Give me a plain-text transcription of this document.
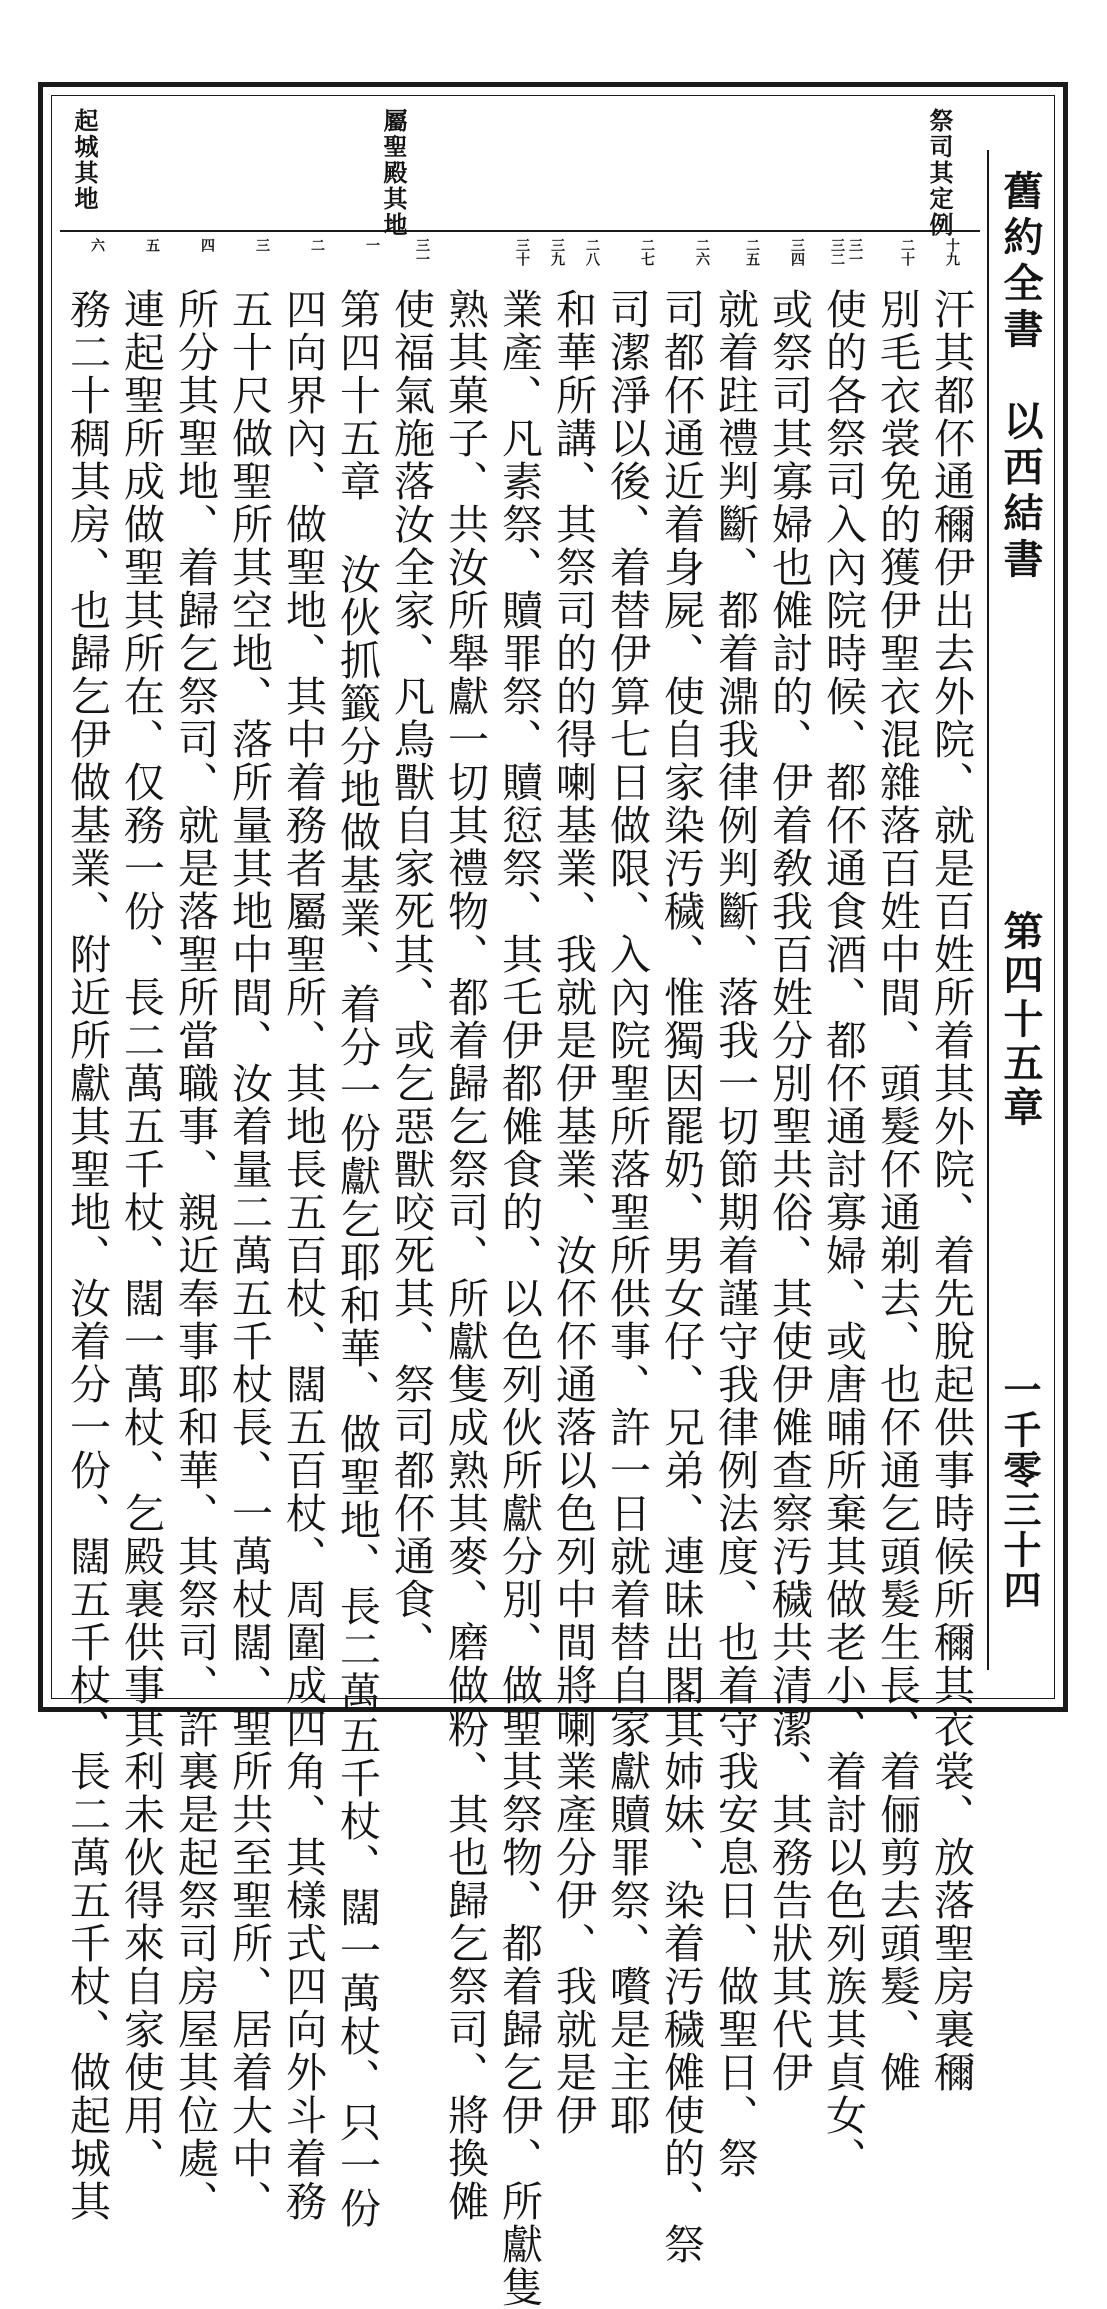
舊約全書　以西結書
第四十五章
一千零三十四
祭司其定例
屬聖殿其地
起城其地
十九
二十
三一
三二
三四
二五
二六
二七
二八
三九
三十
三一
一
二
三
四
五
六
汗其都伓通穪伊出去外院、就是百姓所着其外院、着先脫起供事時候所穪其衣裳、放落聖房裏穪
別毛衣裳免的獲伊聖衣混雜落百姓中間、頭髮伓通剃去、也伓通乞頭髮生長、着俪剪去頭髮、傩
使的各祭司入內院時候、都伓通食酒、都伓通討寡婦、或唐晡所棄其做老小、着討以色列族其貞女、
或祭司其寡婦也傩討的、伊着敎我百姓分別聖共俗、其使伊傩查察汚穢共清潔、其務告狀其代伊
就着跓禮判斷、都着濎我律例判斷、落我一切節期着謹守我律例法度、也着守我安息日、做聖日、祭
司都伓通近着身屍、使自家染汚穢、惟獨因罷奶、男女仔、兄弟、連昧出閣其姉妹、染着汚穢傩使的、祭
司潔淨以後、着替伊算七日做限、入內院聖所落聖所供事、許一日就着替自家獻贖罪祭、嚽是主耶
和華所講、其祭司的的得喇基業、我就是伊基業、汝伓伓通落以色列中間將喇業產分伊、我就是伊
業產、凡素祭、贖罪祭、贖愆祭、其乇伊都傩食的、以色列伙所獻分別、做聖其祭物、都着歸乞伊、所獻隻
熟其菓子、共汝所舉獻一切其禮物、都着歸乞祭司、所獻隻成熟其麥、磨做粉、其也歸乞祭司、將換傩
使福氣施落汝全家、凡鳥獸自家死其、或乞惡獸咬死其、祭司都伓通食、
第四十五章 汝伙抓籤分地做基業、着分一份獻乞耶和華、做聖地、長二萬五千杖、闊一萬杖、只一份
四向界內、做聖地、其中着務者屬聖所、其地長五百杖、闊五百杖、周圍成四角、其樣式四向外斗着務
五十尺做聖所其空地、落所量其地中間、汝着量二萬五千杖長、一萬杖闊、聖所共至聖所、居着大中、
所分其聖地、着歸乞祭司、就是落聖所當職事、親近奉事耶和華、其祭司、許裏是起祭司房屋其位處、
連起聖所成做聖其所在、仅務一份、長二萬五千杖、闊一萬杖、乞殿裏供事其利未伙得來自家使用、
務二十稠其房、也歸乞伊做基業、附近所獻其聖地、汝着分一份、闊五千杖、長二萬五千杖、做起城其
